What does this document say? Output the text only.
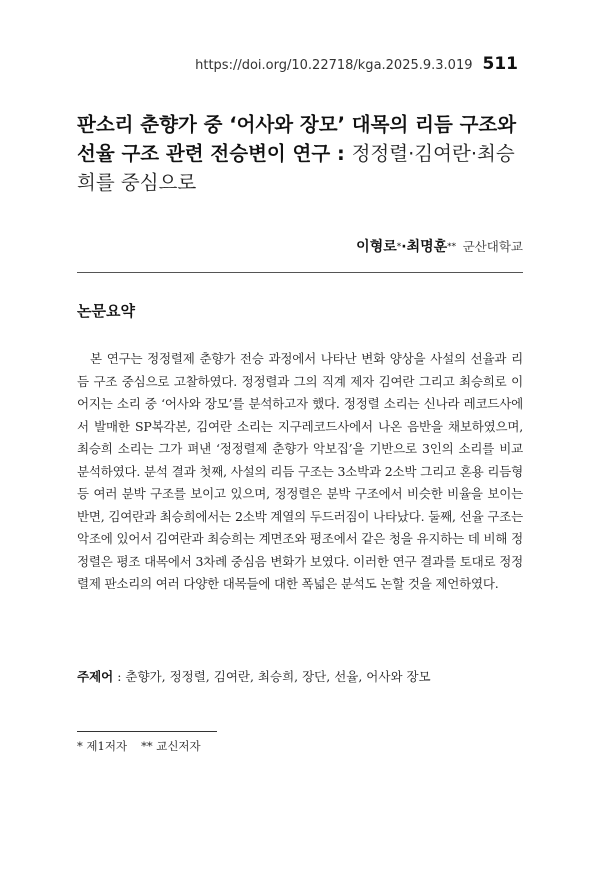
https://doi.org/10.22718/kga.2025.9.3.019 511
판소리 춘향가 중 ‘어사와 장모’ 대목의 리듬 구조와 선율 구조 관련 전승변이 연구 : 정정렬·김여란·최승희를 중심으로
이형로*·최명훈** 군산대학교
논문요약

본 연구는 정정렬제 춘향가 전승 과정에서 나타난 변화 양상을 사설의 선율과 리듬 구조 중심으로 고찰하였다. 정정렬과 그의 직계 제자 김여란 그리고 최승희로 이어지는 소리 중 ‘어사와 장모’를 분석하고자 했다. 정정렬 소리는 신나라 레코드사에서 발매한 SP복각본, 김여란 소리는 지구레코드사에서 나온 음반을 채보하였으며, 최승희 소리는 그가 펴낸 ‘정정렬제 춘향가 악보집’을 기반으로 3인의 소리를 비교 분석하였다. 분석 결과 첫째, 사설의 리듬 구조는 3소박과 2소박 그리고 혼용 리듬형 등 여러 분박 구조를 보이고 있으며, 정정렬은 분박 구조에서 비슷한 비율을 보이는 반면, 김여란과 최승희에서는 2소박 계열의 두드러짐이 나타났다. 둘째, 선율 구조는 악조에 있어서 김여란과 최승희는 계면조와 평조에서 같은 청을 유지하는 데 비해 정정렬은 평조 대목에서 3차례 중심음 변화가 보였다. 이러한 연구 결과를 토대로 정정렬제 판소리의 여러 다양한 대목들에 대한 폭넓은 분석도 논할 것을 제언하였다.

주제어 : 춘향가, 정정렬, 김여란, 최승희, 장단, 선율, 어사와 장모
* 제1저자 ** 교신저자
